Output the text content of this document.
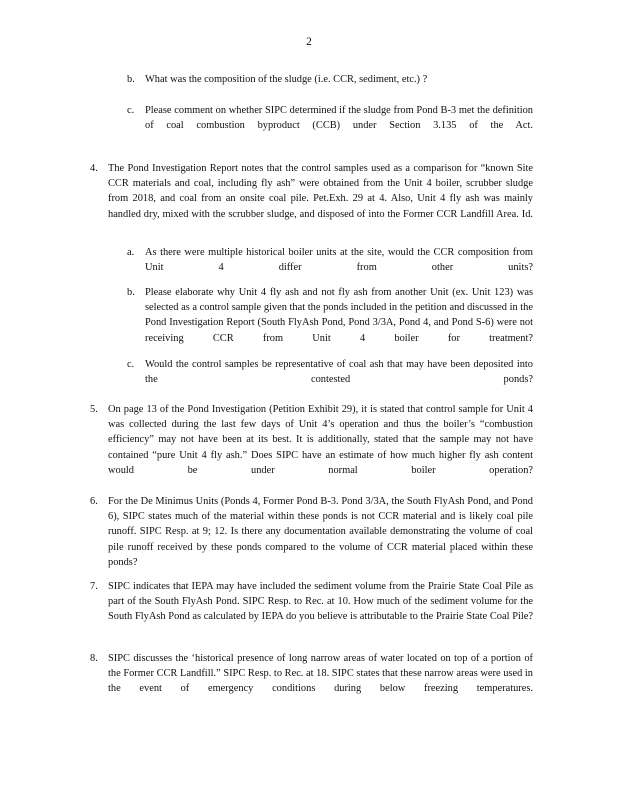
2
b. What was the composition of the sludge (i.e. CCR, sediment, etc.) ?
c. Please comment on whether SIPC determined if the sludge from Pond B-3 met the definition of coal combustion byproduct (CCB) under Section 3.135 of the Act.
4. The Pond Investigation Report notes that the control samples used as a comparison for “known Site CCR materials and coal, including fly ash” were obtained from the Unit 4 boiler, scrubber sludge from 2018, and coal from an onsite coal pile. Pet.Exh. 29 at 4. Also, Unit 4 fly ash was mainly handled dry, mixed with the scrubber sludge, and disposed of into the Former CCR Landfill Area. Id.
a. As there were multiple historical boiler units at the site, would the CCR composition from Unit 4 differ from other units?
b. Please elaborate why Unit 4 fly ash and not fly ash from another Unit (ex. Unit 123) was selected as a control sample given that the ponds included in the petition and discussed in the Pond Investigation Report (South FlyAsh Pond, Pond 3/3A, Pond 4, and Pond S-6) were not receiving CCR from Unit 4 boiler for treatment?
c. Would the control samples be representative of coal ash that may have been deposited into the contested ponds?
5. On page 13 of the Pond Investigation (Petition Exhibit 29), it is stated that control sample for Unit 4 was collected during the last few days of Unit 4’s operation and thus the boiler’s “combustion efficiency” may not have been at its best. It is additionally, stated that the sample may not have contained “pure Unit 4 fly ash.” Does SIPC have an estimate of how much higher fly ash content would be under normal boiler operation?
6. For the De Minimus Units (Ponds 4, Former Pond B-3. Pond 3/3A, the South FlyAsh Pond, and Pond 6), SIPC states much of the material within these ponds is not CCR material and is likely coal pile runoff. SIPC Resp. at 9; 12. Is there any documentation available demonstrating the volume of coal pile runoff received by these ponds compared to the volume of CCR material placed within these ponds?
7. SIPC indicates that IEPA may have included the sediment volume from the Prairie State Coal Pile as part of the South FlyAsh Pond. SIPC Resp. to Rec. at 10. How much of the sediment volume for the South FlyAsh Pond as calculated by IEPA do you believe is attributable to the Prairie State Coal Pile?
8. SIPC discusses the ‘historical presence of long narrow areas of water located on top of a portion of the Former CCR Landfill.” SIPC Resp. to Rec. at 18. SIPC states that these narrow areas were used in the event of emergency conditions during below freezing temperatures.
